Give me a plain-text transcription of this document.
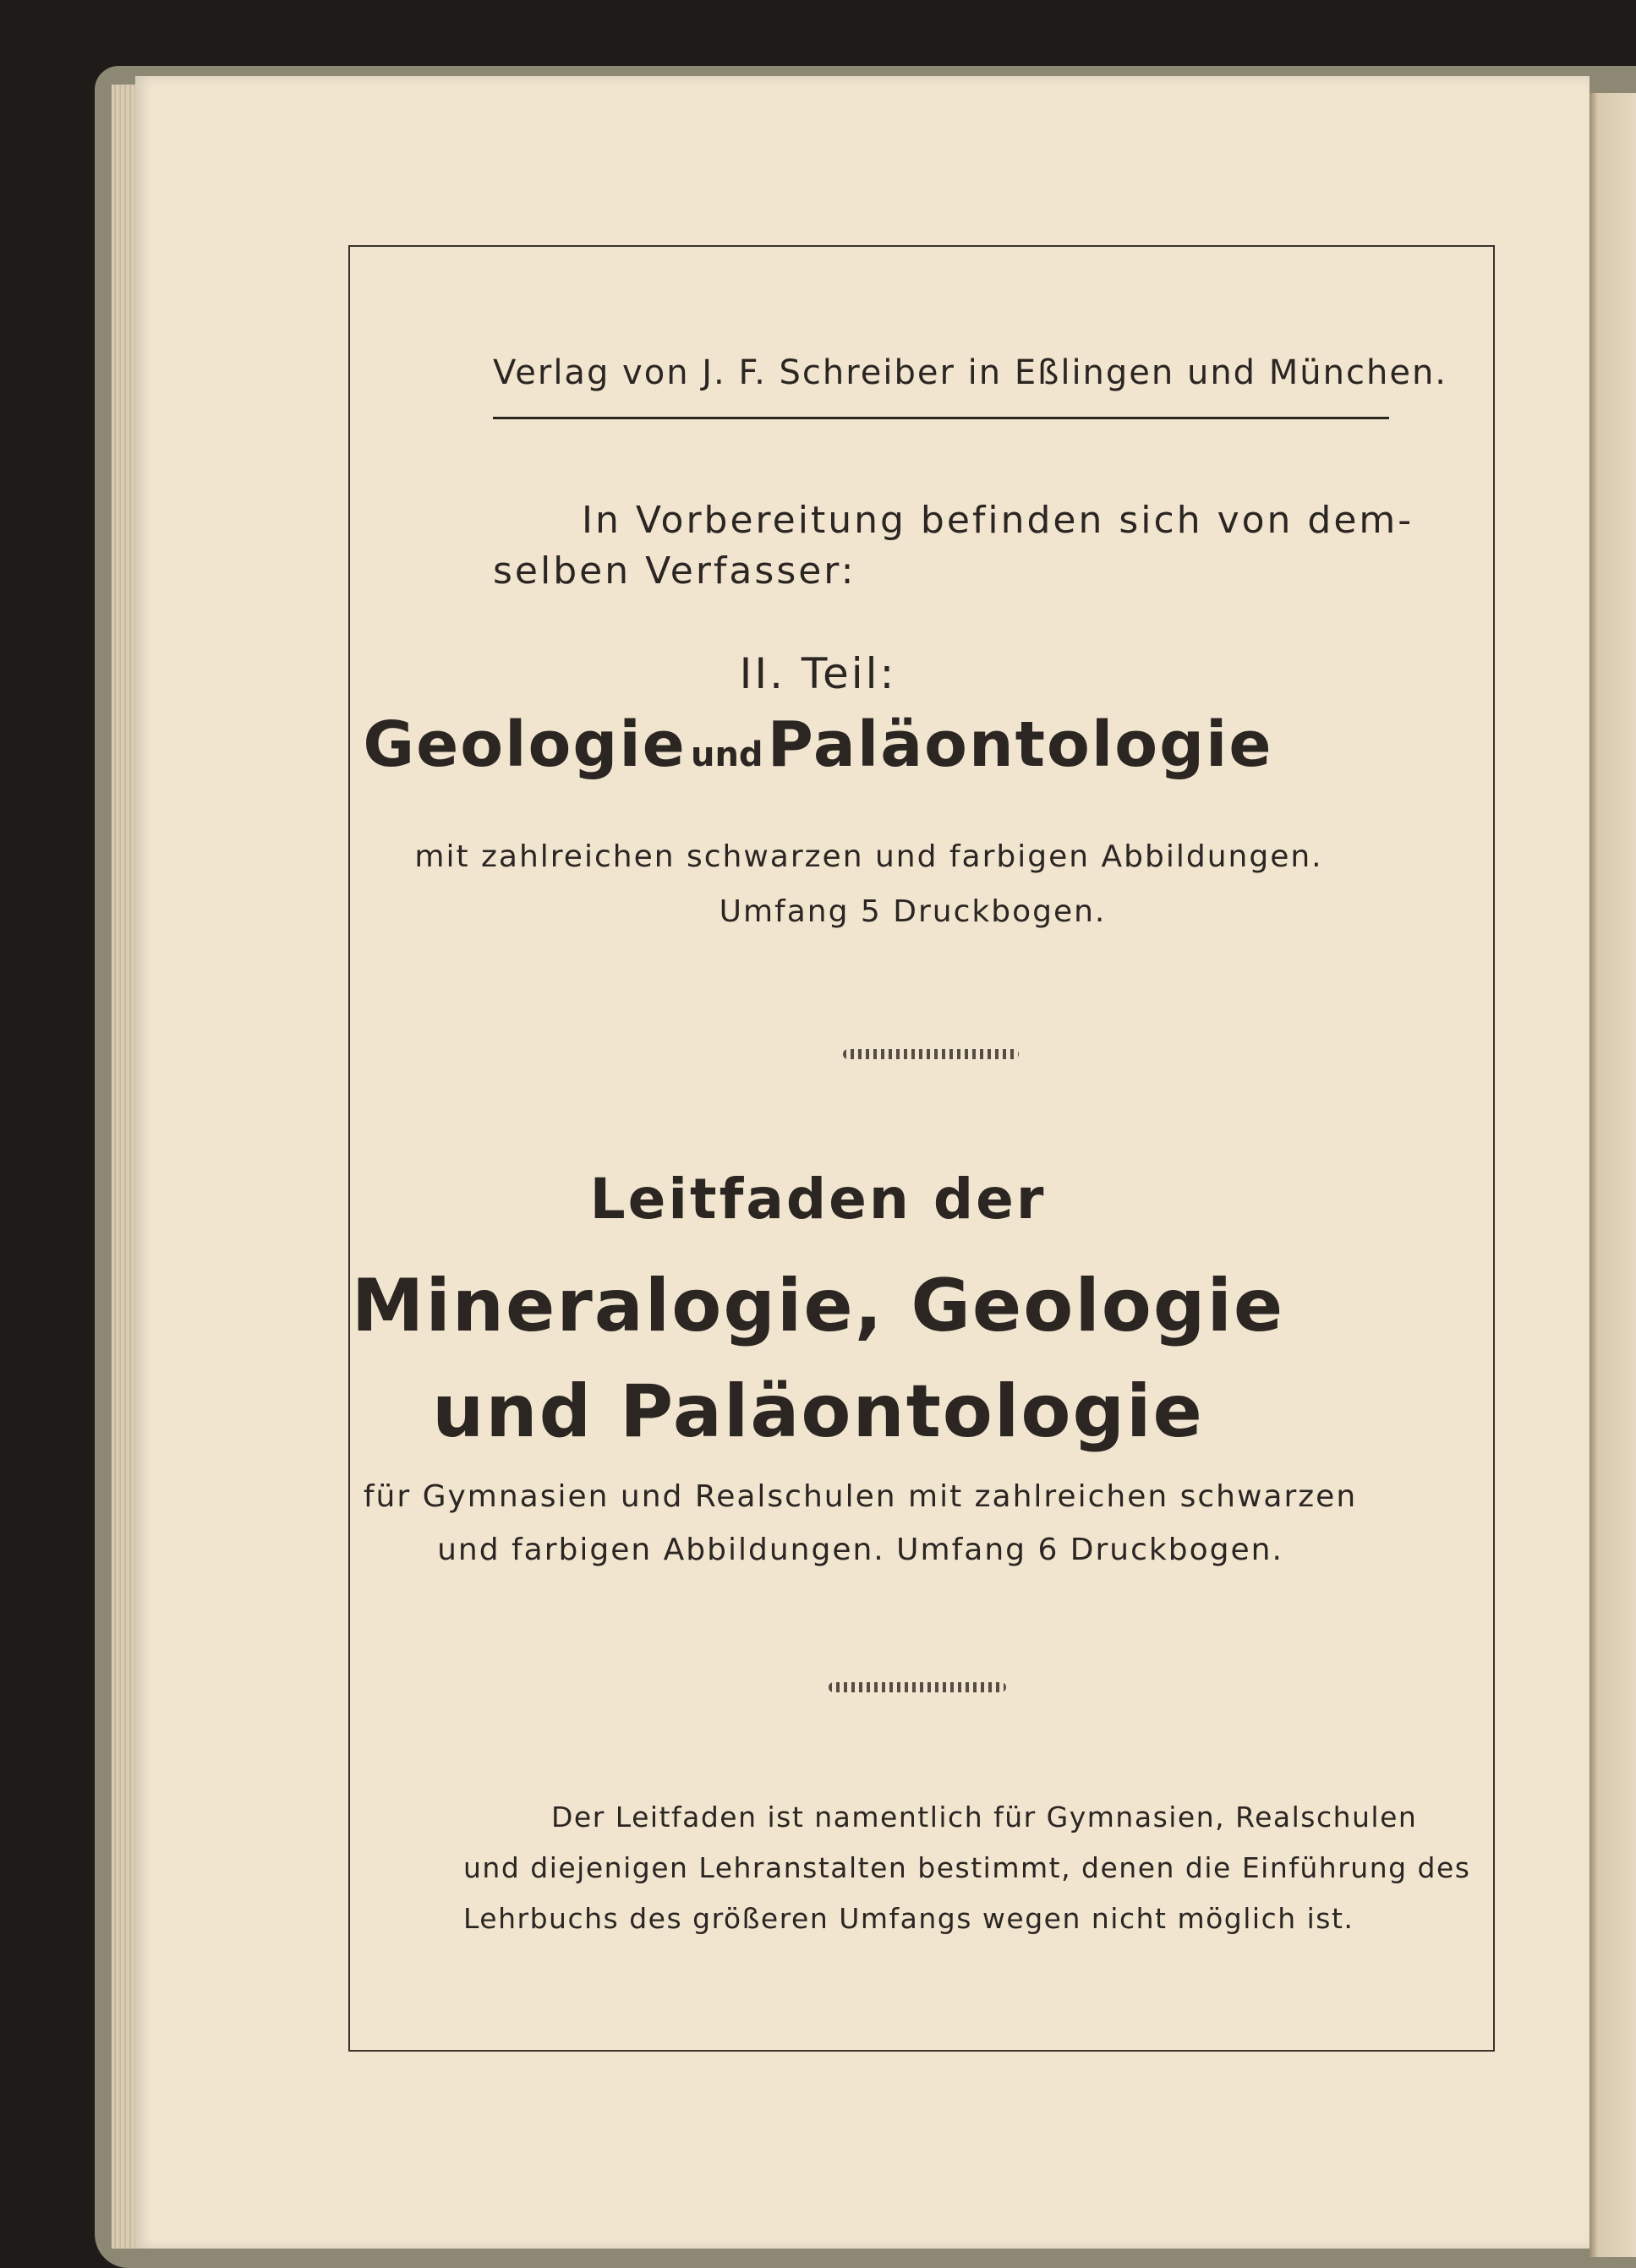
Verlag von J. F. Schreiber in Eßlingen und München.
In Vorbereitung befinden sich von dem-
selben Verfasser:
II. Teil:
Geologie und Paläontologie
mit zahlreichen schwarzen und farbigen Abbildungen.
Umfang 5 Druckbogen.
Leitfaden der
Mineralogie, Geologie
und Paläontologie
für Gymnasien und Realschulen mit zahlreichen schwarzen
und farbigen Abbildungen. Umfang 6 Druckbogen.
Der Leitfaden ist namentlich für Gymnasien, Realschulen
und diejenigen Lehranstalten bestimmt, denen die Einführung des
Lehrbuchs des größeren Umfangs wegen nicht möglich ist.
